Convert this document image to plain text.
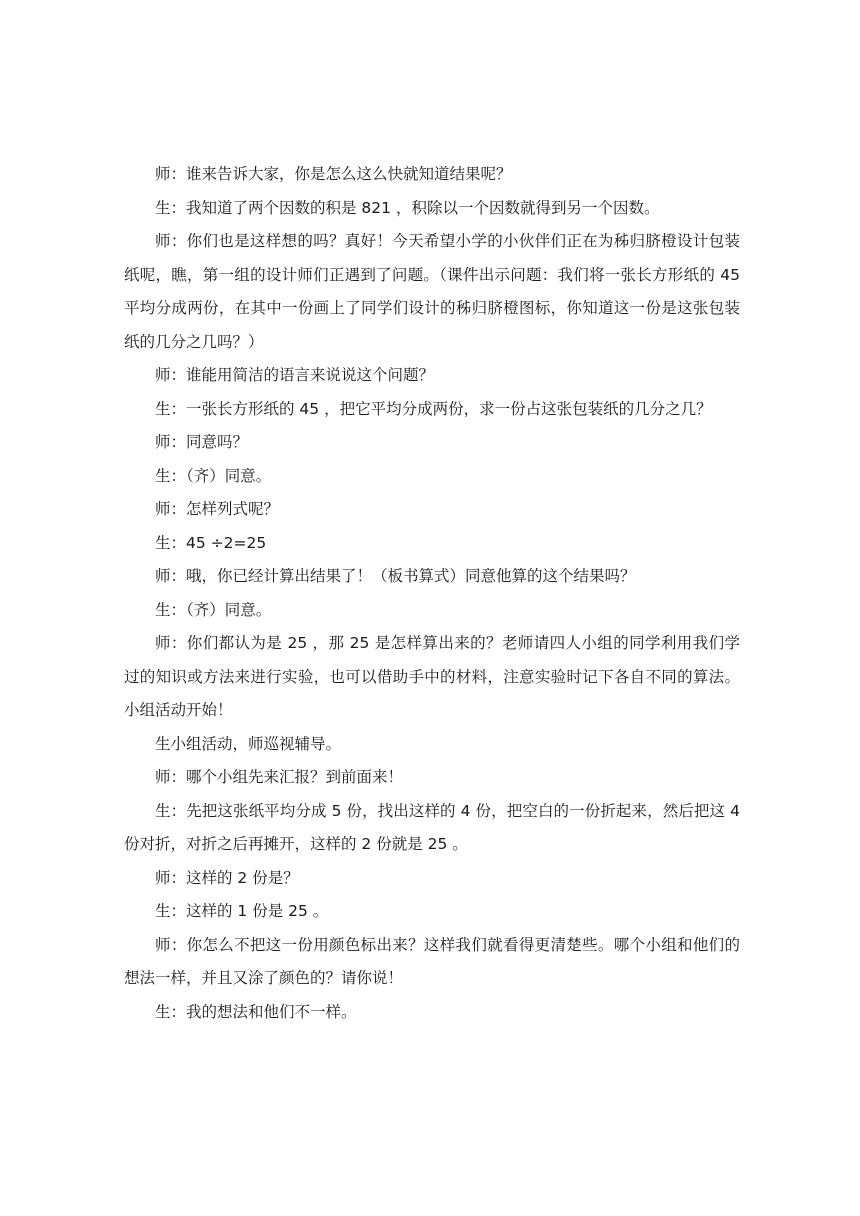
师：谁来告诉大家，你是怎么这么快就知道结果呢？

生：我知道了两个因数的积是 821 ，积除以一个因数就得到另一个因数。

师：你们也是这样想的吗？真好！今天希望小学的小伙伴们正在为秭归脐橙设计包装纸呢，瞧，第一组的设计师们正遇到了问题。（课件出示问题：我们将一张长方形纸的 45 平均分成两份，在其中一份画上了同学们设计的秭归脐橙图标，你知道这一份是这张包装纸的几分之几吗？）

师：谁能用简洁的语言来说说这个问题？

生：一张长方形纸的 45 ，把它平均分成两份，求一份占这张包装纸的几分之几？

师：同意吗？

生：（齐）同意。

师：怎样列式呢？

生：45 ÷2=25

师：哦，你已经计算出结果了！（板书算式）同意他算的这个结果吗？

生：（齐）同意。

师：你们都认为是 25 ，那 25 是怎样算出来的？老师请四人小组的同学利用我们学过的知识或方法来进行实验，也可以借助手中的材料，注意实验时记下各自不同的算法。小组活动开始！

生小组活动，师巡视辅导。

师：哪个小组先来汇报？到前面来！

生：先把这张纸平均分成 5 份，找出这样的 4 份，把空白的一份折起来，然后把这 4 份对折，对折之后再摊开，这样的 2 份就是 25 。

师：这样的 2 份是？

生：这样的 1 份是 25 。

师：你怎么不把这一份用颜色标出来？这样我们就看得更清楚些。哪个小组和他们的想法一样，并且又涂了颜色的？请你说！

生：我的想法和他们不一样。
